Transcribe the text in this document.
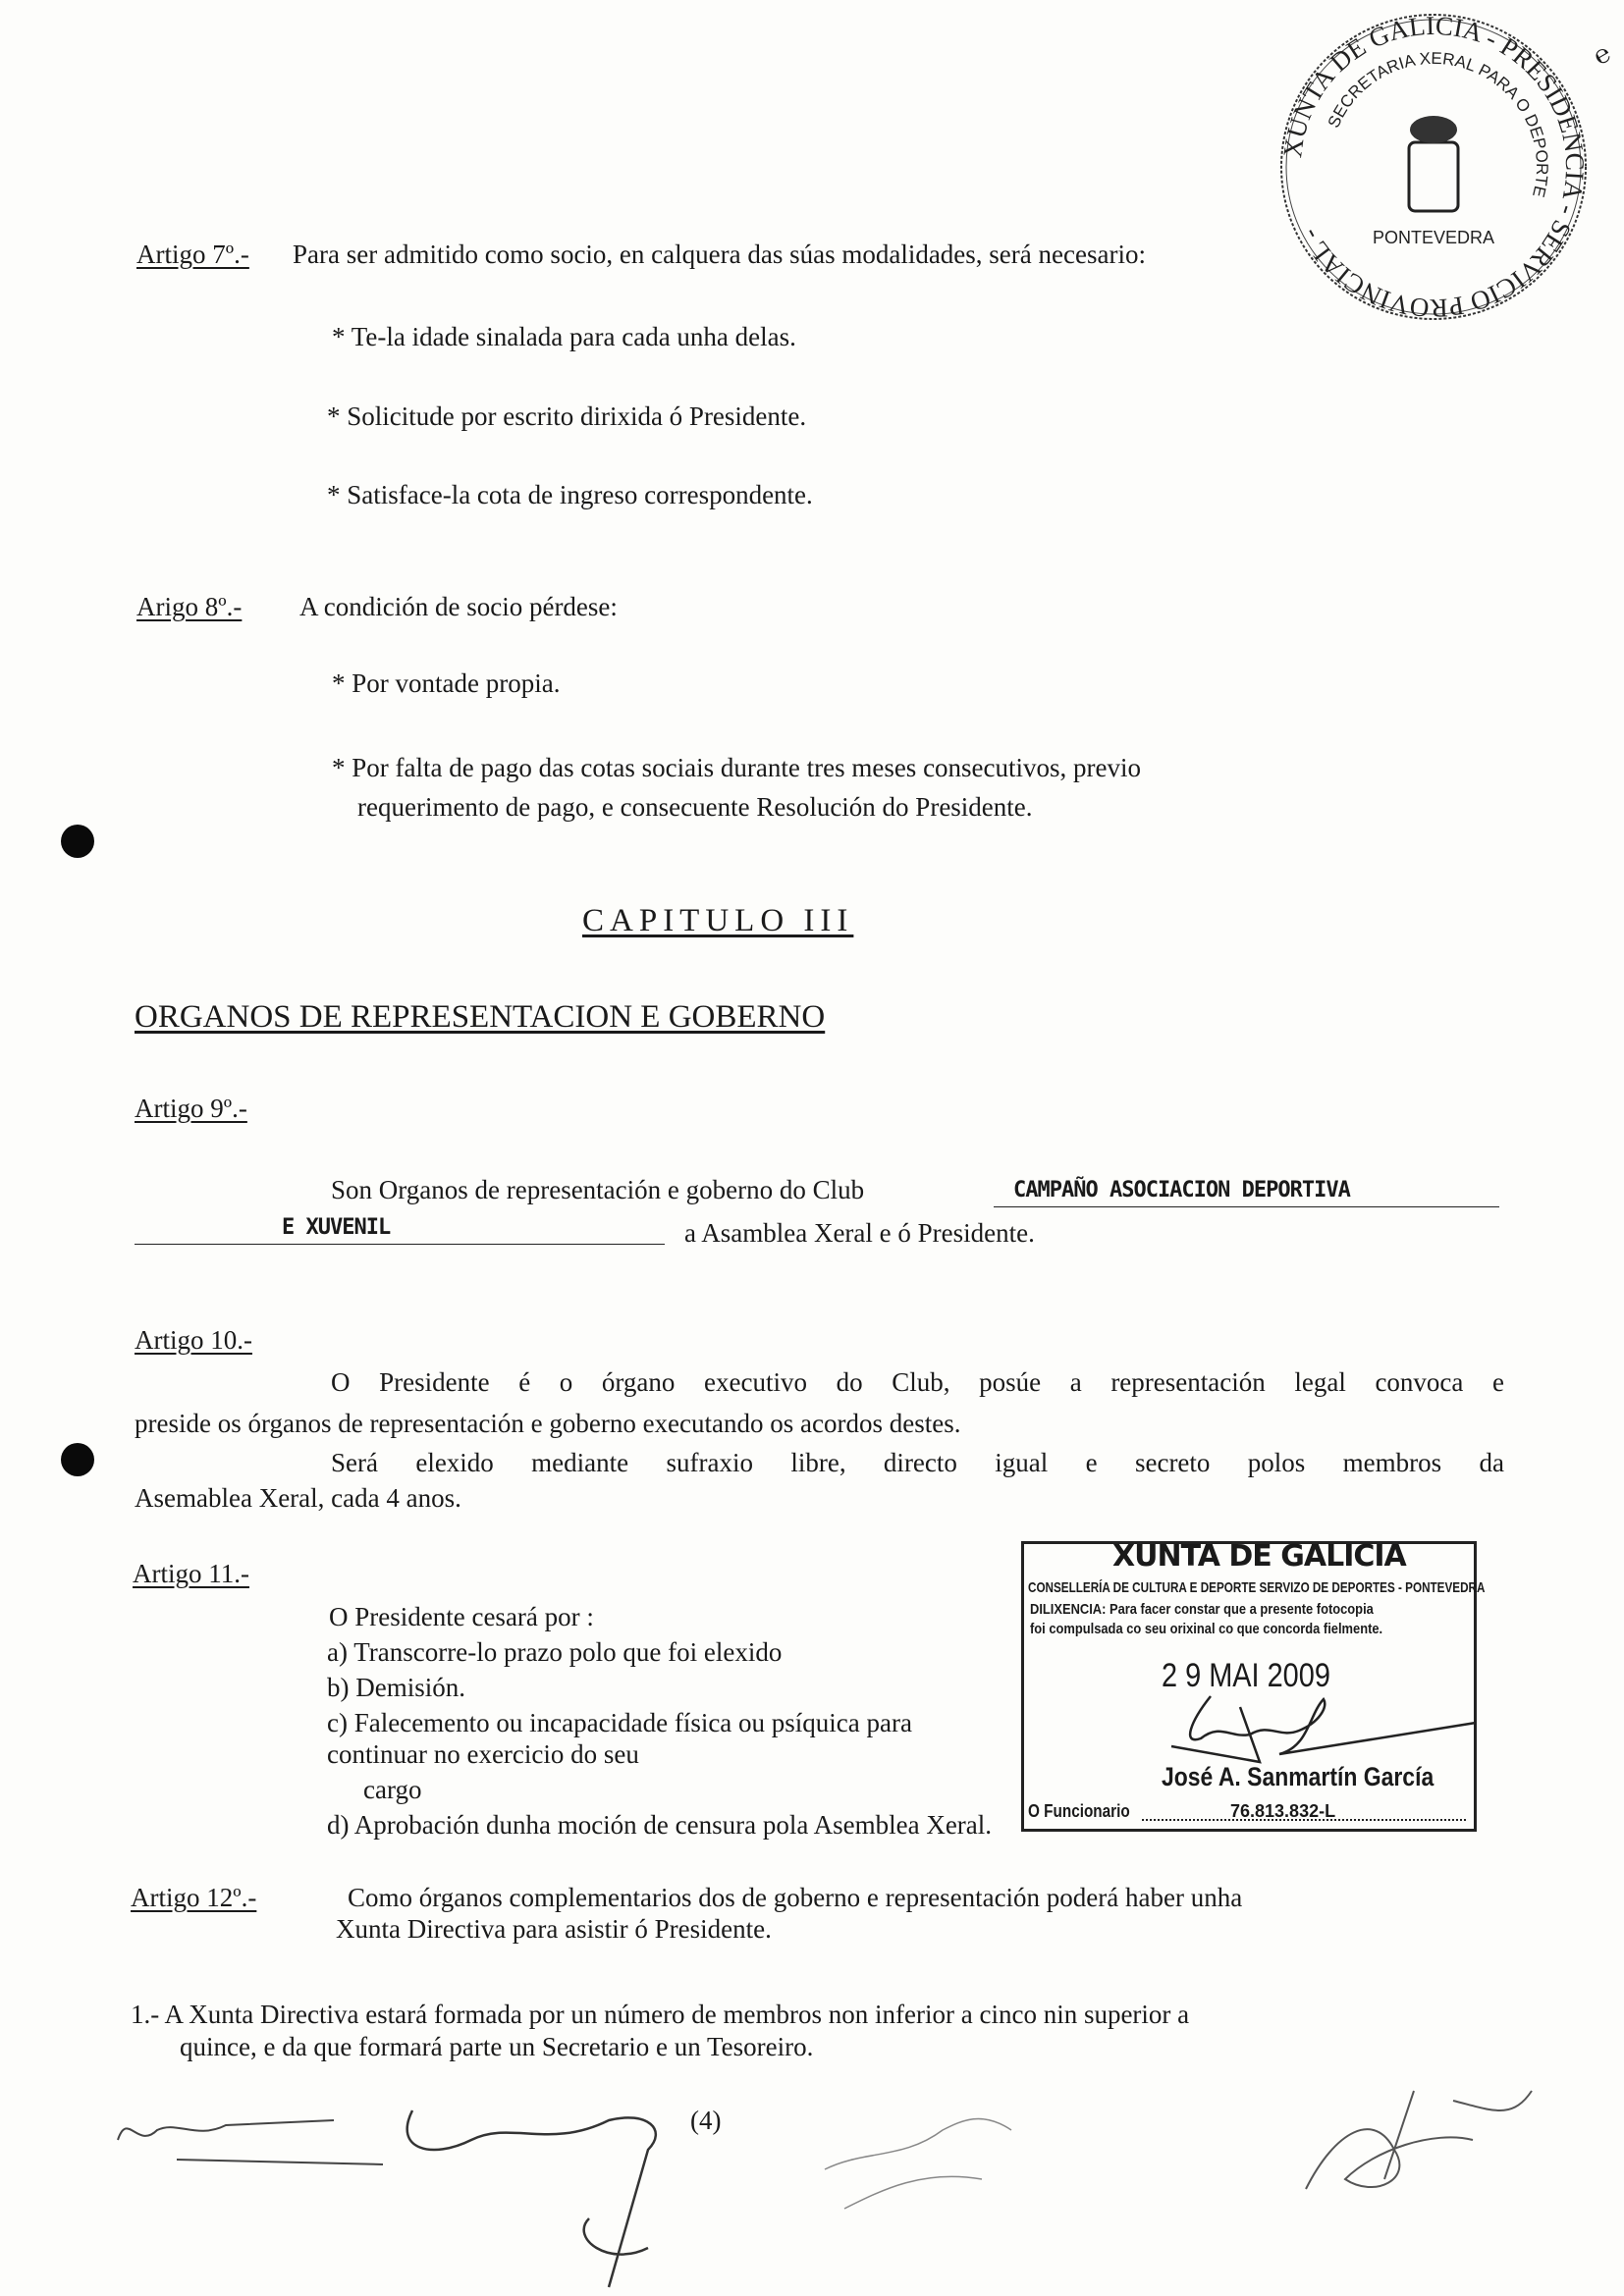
Artigo 7º.- Para ser admitido como socio, en calquera das súas modalidades, será necesario:
* Te-la idade sinalada para cada unha delas.
* Solicitude por escrito dirixida ó Presidente.
* Satisface-la cota de ingreso correspondente.
Arigo 8º.- A condición de socio pérdese:
* Por vontade propia.
* Por falta de pago das cotas sociais durante tres meses consecutivos, previo
requerimento de pago, e consecuente Resolución do Presidente.
CAPITULO III
ORGANOS DE REPRESENTACION E GOBERNO
Artigo 9º.-
Son Organos de representación e goberno do Club	CAMPAÑO ASOCIACION DEPORTIVA
E XUVENIL	a Asamblea Xeral e ó Presidente.
Artigo 10.-
O Presidente é o órgano executivo do Club, posúe a representación legal convoca e
preside os órganos de representación e goberno executando os acordos destes.
Será elexido mediante sufraxio libre, directo igual e secreto polos membros da
Asemablea Xeral, cada 4 anos.
Artigo 11.-
O Presidente cesará por :
a) Transcorre-lo prazo polo que foi elexido
b) Demisión.
c) Falecemento ou incapacidade física ou psíquica para continuar no exercicio do seu
cargo
d) Aprobación dunha moción de censura pola Asemblea Xeral.
Artigo 12º.-	Como órganos complementarios dos de goberno e representación poderá haber unha
Xunta Directiva para asistir ó Presidente.
1.- A Xunta Directiva estará formada por un número de membros non inferior a cinco nin superior a
quince, e da que formará parte un Secretario e un Tesoreiro.
(4)
XUNTA DE GALICIA
CONSELLERÍA DE CULTURA E DEPORTE SERVIZO DE DEPORTES - PONTEVEDRA
DILIXENCIA: Para facer constar que a presente fotocopia
foi compulsada co seu orixinal co que concorda fielmente.
2 9 MAI 2009
José A. Sanmartín García
O Funcionario	76.813.832-L
XUNTA DE GALICIA - PRESIDENCIA - SERVICIO PROVINCIAL -
SECRETARIA XERAL PARA O DEPORTE
PONTEVEDRA
℮
